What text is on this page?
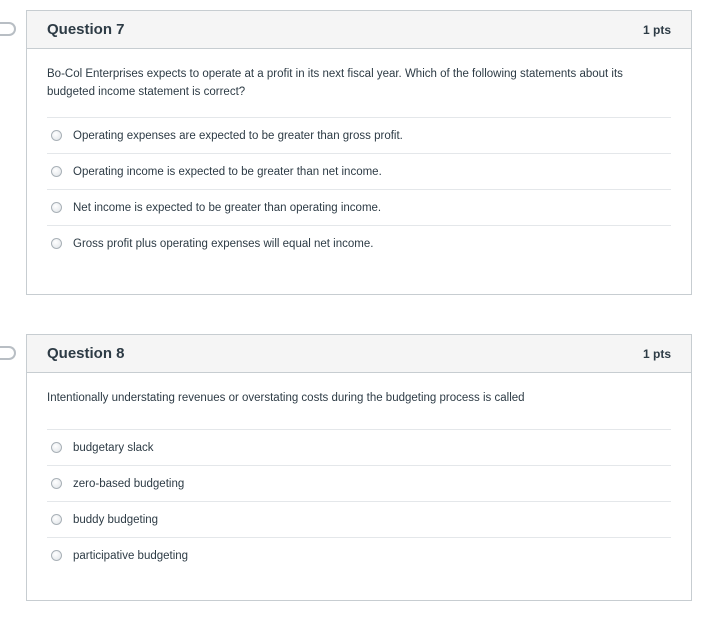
Question 7	1 pts

Bo-Col Enterprises expects to operate at a profit in its next fiscal year. Which of the following statements about its budgeted income statement is correct?

Operating expenses are expected to be greater than gross profit.
Operating income is expected to be greater than net income.
Net income is expected to be greater than operating income.
Gross profit plus operating expenses will equal net income.
Question 8	1 pts

Intentionally understating revenues or overstating costs during the budgeting process is called

budgetary slack
zero-based budgeting
buddy budgeting
participative budgeting
